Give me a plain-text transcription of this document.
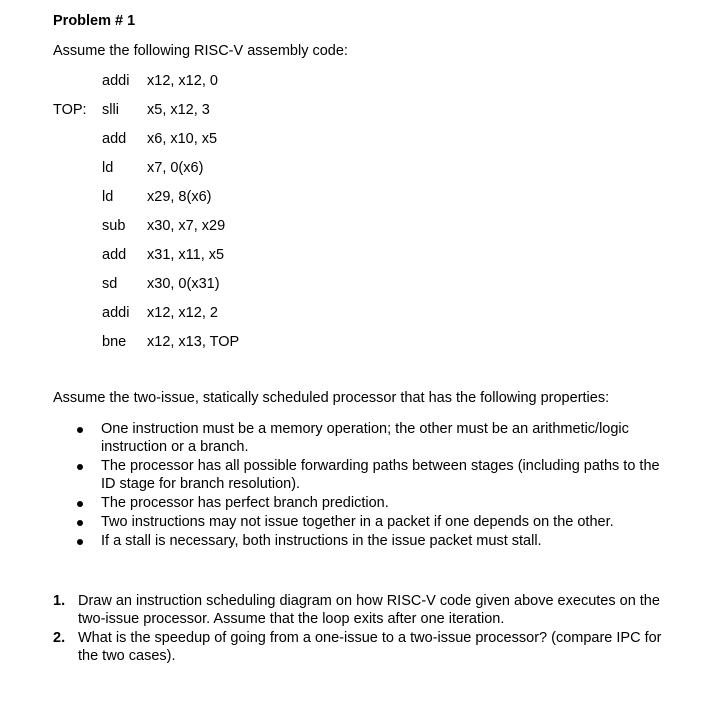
Problem # 1
Assume the following RISC-V assembly code:
addi x12, x12, 0
TOP: slli x5, x12, 3
add x6, x10, x5
ld x7, 0(x6)
ld x29, 8(x6)
sub x30, x7, x29
add x31, x11, x5
sd x30, 0(x31)
addi x12, x12, 2
bne x12, x13, TOP
Assume the two-issue, statically scheduled processor that has the following properties:
One instruction must be a memory operation; the other must be an arithmetic/logic instruction or a branch.
The processor has all possible forwarding paths between stages (including paths to the ID stage for branch resolution).
The processor has perfect branch prediction.
Two instructions may not issue together in a packet if one depends on the other.
If a stall is necessary, both instructions in the issue packet must stall.
1. Draw an instruction scheduling diagram on how RISC-V code given above executes on the two-issue processor. Assume that the loop exits after one iteration.
2. What is the speedup of going from a one-issue to a two-issue processor? (compare IPC for the two cases).
